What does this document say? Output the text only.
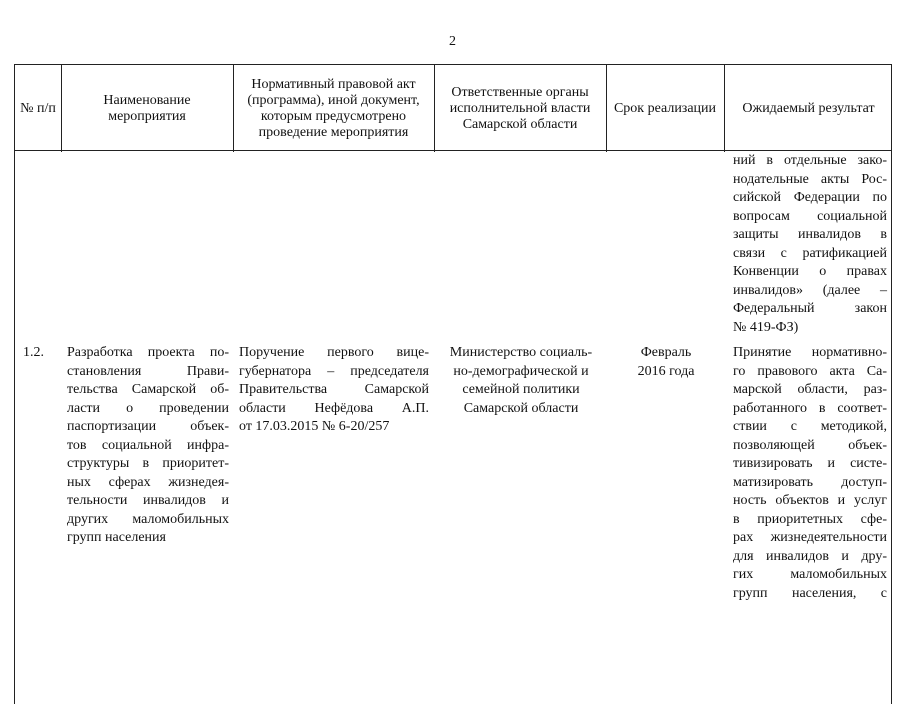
2
№ п/п
Наименование мероприятия
Нормативный правовой акт (программа), иной документ, которым предусмотрено проведение мероприятия
Ответственные органы исполнительной власти Самарской области
Срок реализации	Ожидаемый результат
ний в отдельные зако-
нодательные акты Рос-
сийской Федерации по
вопросам социальной
защиты инвалидов в
связи с ратификацией
Конвенции о правах
инвалидов» (далее –
Федеральный закон
№ 419-ФЗ)
1.2.	Разработка проекта по-
становления Прави-
тельства Самарской об-
ласти о проведении
паспортизации объек-
тов социальной инфра-
структуры в приоритет-
ных сферах жизнедея-
тельности инвалидов и
других маломобильных
групп населения
Поручение первого вице-
губернатора – председателя
Правительства Самарской
области Нефёдова А.П.
от 17.03.2015 № 6-20/257
Министерство социаль-
но-демографической и
семейной политики
Самарской области
Февраль
2016 года
Принятие нормативно-
го правового акта Са-
марской области, раз-
работанного в соответ-
ствии с методикой,
позволяющей объек-
тивизировать и систе-
матизировать доступ-
ность объектов и услуг
в приоритетных сфе-
рах жизнедеятельности
для инвалидов и дру-
гих маломобильных
групп населения, с
